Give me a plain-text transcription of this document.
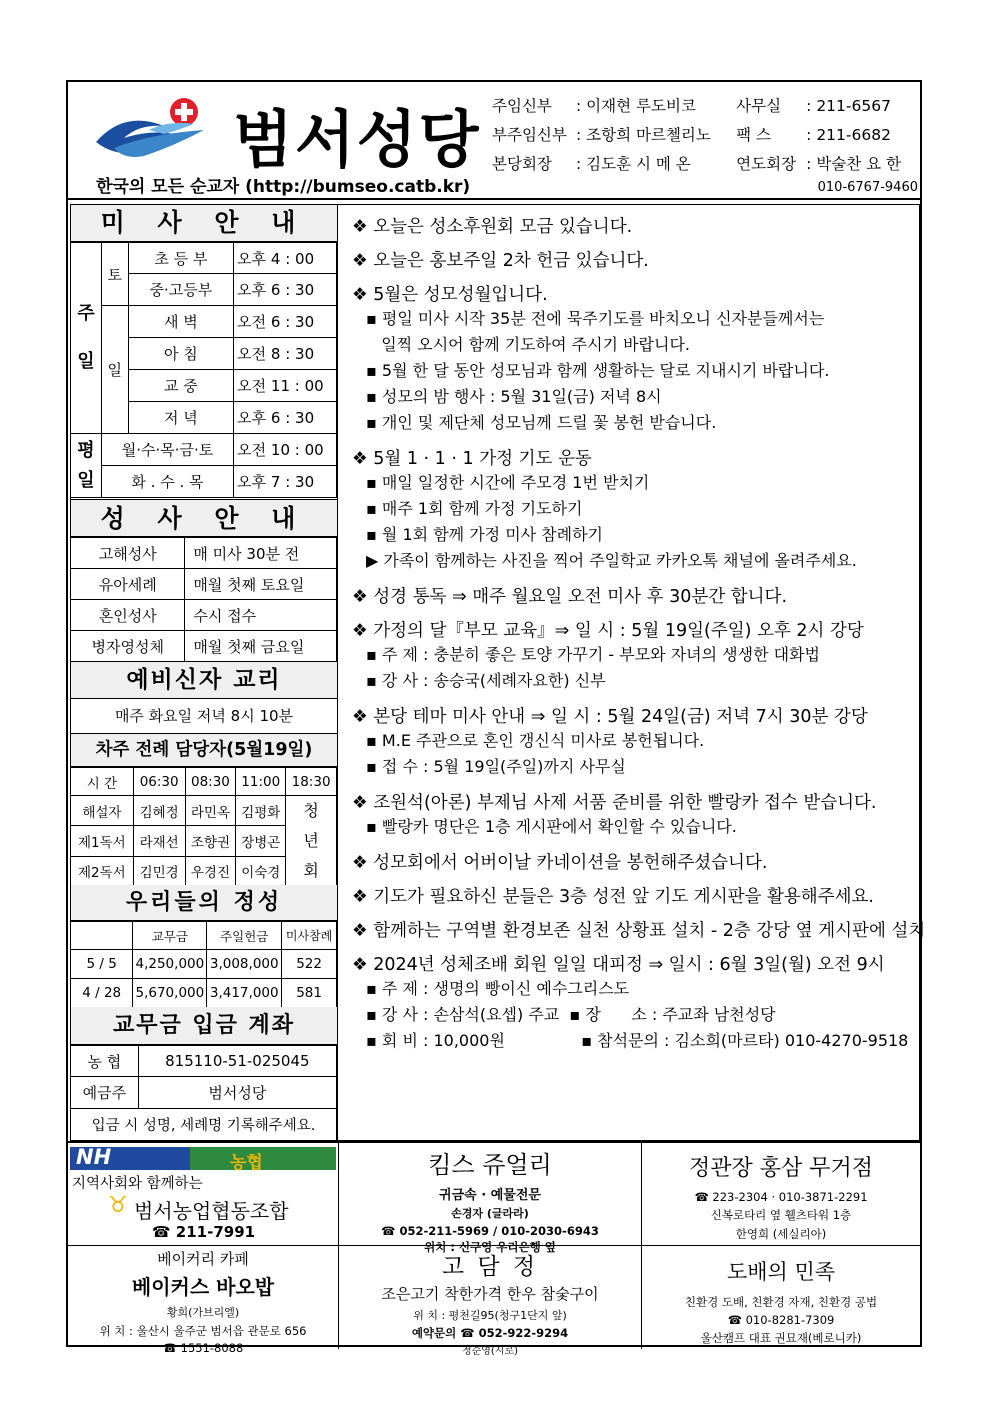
범서성당
한국의 모든 순교자 (http://bumseo.catb.kr)
주임신부 : 이재현 루도비코	사무실 : 211-6567
부주임신부 : 조항희 마르첼리노 팩 스 : 211-6682
본당회장 : 김도훈 시 메 온	연도회장 : 박술찬 요 한
010-6767-9460
미 사 안 내
주
일	토	초 등 부	오후 4 : 00
		중·고등부	오후 6 : 30
	일	새 벽	오전 6 : 30
		아 침	오전 8 : 30
		교 중	오전 11 : 00
		저 녁	오후 6 : 30

평
일	월·수·목·금·토		오전 10 : 00
	화 . 수 . 목		오후 7 : 30
성 사 안 내
고해성사	매 미사 30분 전
유아세례	매월 첫째 토요일
혼인성사	수시 접수
병자영성체	매월 첫째 금요일
예비신자 교리
매주 화요일 저녁 8시 10분
차주 전례 담당자(5월19일)
시 간	06:30	08:30	11:00	18:30
해설자	김혜정	라민옥	김평화	청
년
회

제1독서	라재선	조향권	장병곤	
제2독서	김민경	우경진	이숙경	
우리들의 정성
	교무금	주일헌금	미사참례
5 / 5	4,250,000	3,008,000	522
4 / 28	5,670,000	3,417,000	581
교무금 입금 계좌
농 협	815110-51-025045
예금주	범서성당
입금 시 성명, 세례명 기록해주세요.	
❖ 오늘은 성소후원회 모금 있습니다.
❖ 오늘은 홍보주일 2차 헌금 있습니다.
❖ 5월은 성모성월입니다.
▪ 평일 미사 시작 35분 전에 묵주기도를 바치오니 신자분들께서는
일찍 오시어 함께 기도하여 주시기 바랍니다.
▪ 5월 한 달 동안 성모님과 함께 생활하는 달로 지내시기 바랍니다.
▪ 성모의 밤 행사 : 5월 31일(금) 저녁 8시
▪ 개인 및 제단체 성모님께 드릴 꽃 봉헌 받습니다.
❖ 5월 1 · 1 · 1 가정 기도 운동
▪ 매일 일정한 시간에 주모경 1번 받치기
▪ 매주 1회 함께 가정 기도하기
▪ 월 1회 함께 가정 미사 참례하기
▶ 가족이 함께하는 사진을 찍어 주일학교 카카오톡 채널에 올려주세요.
❖ 성경 통독 ⇒ 매주 월요일 오전 미사 후 30분간 합니다.
❖ 가정의 달『부모 교육』⇒ 일 시 : 5월 19일(주일) 오후 2시 강당
▪ 주 제 : 충분히 좋은 토양 가꾸기 - 부모와 자녀의 생생한 대화법
▪ 강 사 : 송승국(세례자요한) 신부
❖ 본당 테마 미사 안내 ⇒ 일 시 : 5월 24일(금) 저녁 7시 30분 강당
▪ M.E 주관으로 혼인 갱신식 미사로 봉헌됩니다.
▪ 접 수 : 5월 19일(주일)까지 사무실
❖ 조원석(아론) 부제님 사제 서품 준비를 위한 빨랑카 접수 받습니다.
▪ 빨랑카 명단은 1층 게시판에서 확인할 수 있습니다.
❖ 성모회에서 어버이날 카네이션을 봉헌해주셨습니다.
❖ 기도가 필요하신 분들은 3층 성전 앞 기도 게시판을 활용해주세요.
❖ 함께하는 구역별 환경보존 실천 상황표 설치 - 2층 강당 옆 게시판에 설치
❖ 2024년 성체조배 회원 일일 대피정 ⇒ 일시 : 6월 3일(월) 오전 9시
▪ 주 제 : 생명의 빵이신 예수그리스도
▪ 강 사 : 손삼석(요셉) 주교  ▪ 장      소 : 주교좌 남천성당
▪ 회 비 : 10,000원               ▪ 참석문의 : 김소희(마르타) 010-4270-9518
NH	농협

지역사회와 함께하는

♉ 범서농업협동조합

☎ 211-7991

킴스 쥬얼리

귀금속 · 예물전문

손경자 (글라라)

☎ 052-211-5969 / 010-2030-6943

위치 : 신구영 우리은행 옆

정관장 홍삼 무거점

☎ 223-2304 · 010-3871-2291

신복로타리 옆 휄츠타워 1층

한영희 (세실리아)

베이커리 카페

베이커스 바오밥

황희(가브리엘)

위 치 : 울산시 울주군 범서읍 관문로 656

☎ 1551-8088

고 담 정

조은고기 착한가격 한우 참숯구이

위 치 : 평천길95(청구1단지 앞)

예약문의 ☎ 052-922-9294

정순영(시로)

도배의 민족

친환경 도배, 친환경 자재, 친환경 공법

☎ 010-8281-7309

울산캠프 대표 권묘재(베로니카)
